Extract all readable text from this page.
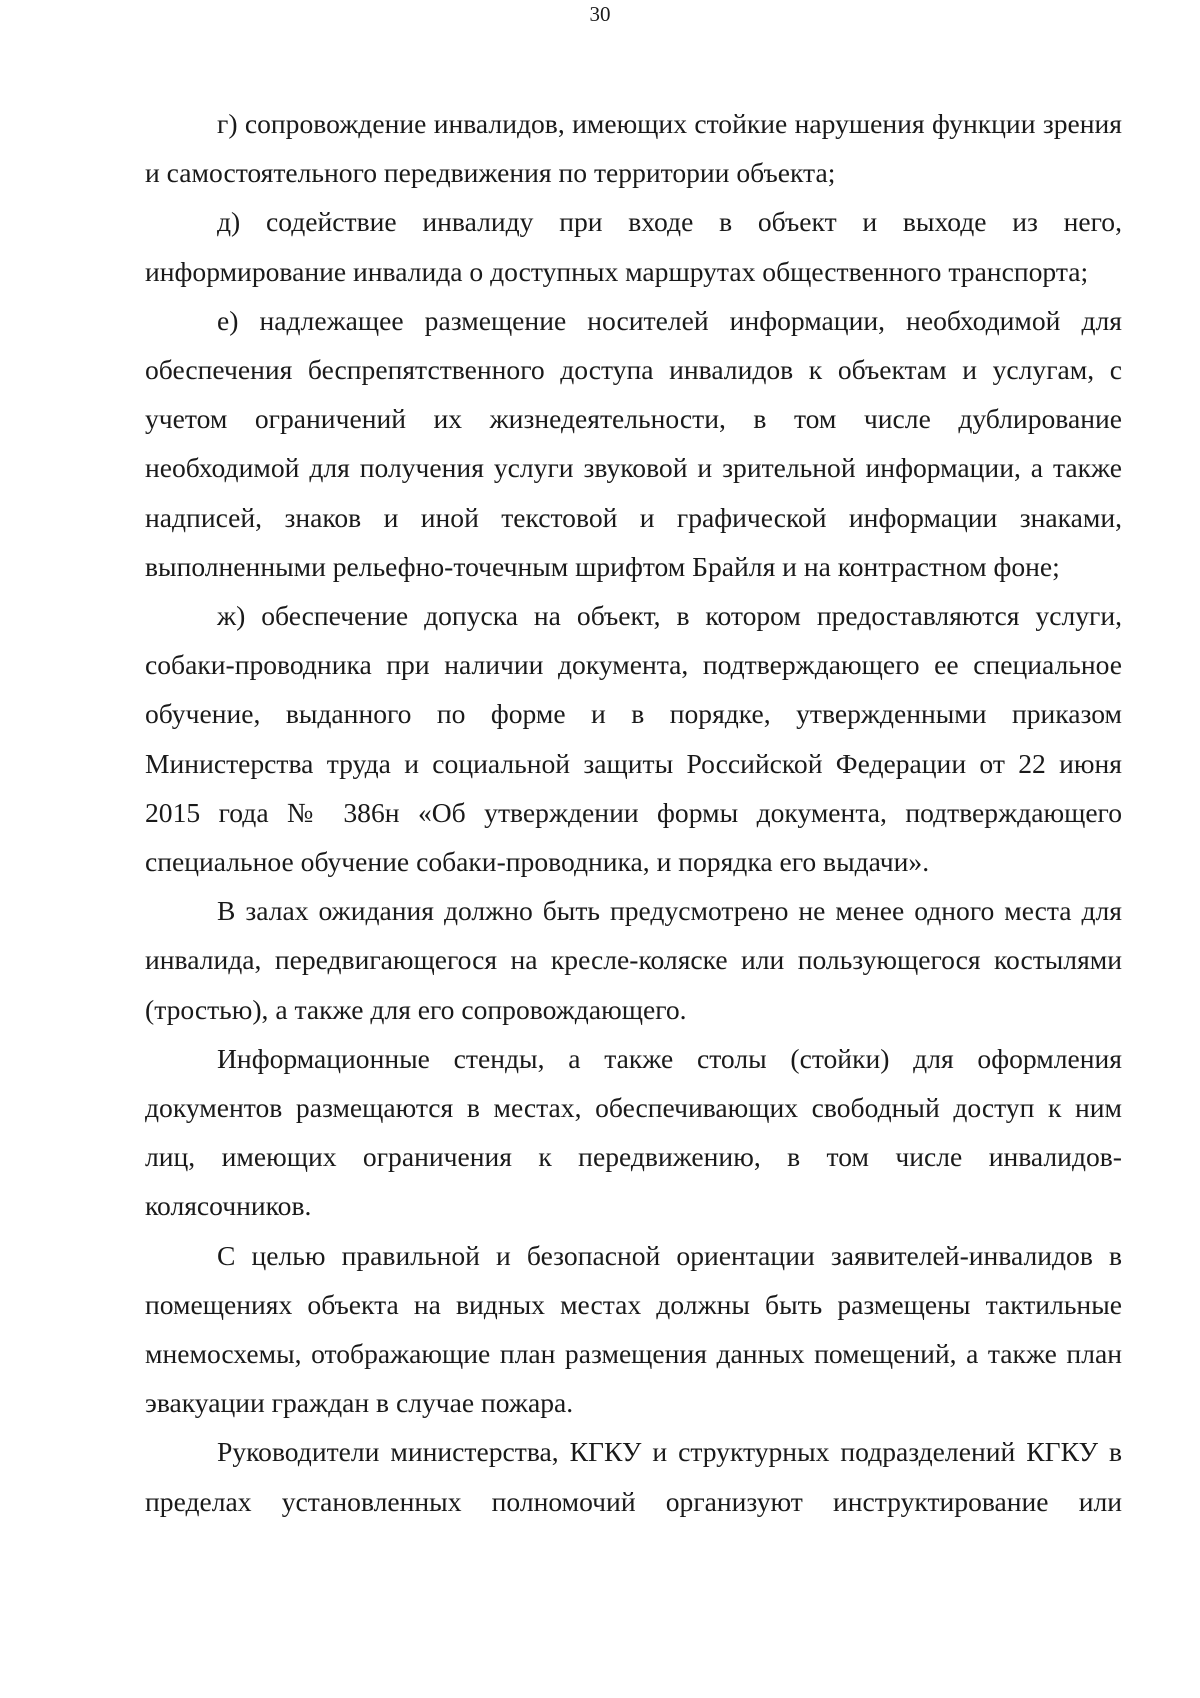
30

г) сопровождение инвалидов, имеющих стойкие нарушения функции зрения и самостоятельного передвижения по территории объекта;

д) содействие инвалиду при входе в объект и выходе из него, информирование инвалида о доступных маршрутах общественного транспорта;

е) надлежащее размещение носителей информации, необходимой для обеспечения беспрепятственного доступа инвалидов к объектам и услугам, с учетом ограничений их жизнедеятельности, в том числе дублирование необходимой для получения услуги звуковой и зрительной информации, а также надписей, знаков и иной текстовой и графической информации знаками, выполненными рельефно-точечным шрифтом Брайля и на контрастном фоне;

ж) обеспечение допуска на объект, в котором предоставляются услуги, собаки-проводника при наличии документа, подтверждающего ее специальное обучение, выданного по форме и в порядке, утвержденными приказом Министерства труда и социальной защиты Российской Федерации от 22 июня 2015 года № 386н «Об утверждении формы документа, подтверждающего специальное обучение собаки-проводника, и порядка его выдачи».

В залах ожидания должно быть предусмотрено не менее одного места для инвалида, передвигающегося на кресле-коляске или пользующегося костылями (тростью), а также для его сопровождающего.

Информационные стенды, а также столы (стойки) для оформления документов размещаются в местах, обеспечивающих свободный доступ к ним лиц, имеющих ограничения к передвижению, в том числе инвалидов-колясочников.

С целью правильной и безопасной ориентации заявителей-инвалидов в помещениях объекта на видных местах должны быть размещены тактильные мнемосхемы, отображающие план размещения данных помещений, а также план эвакуации граждан в случае пожара.

Руководители министерства, КГКУ и структурных подразделений КГКУ в пределах установленных полномочий организуют инструктирование или
